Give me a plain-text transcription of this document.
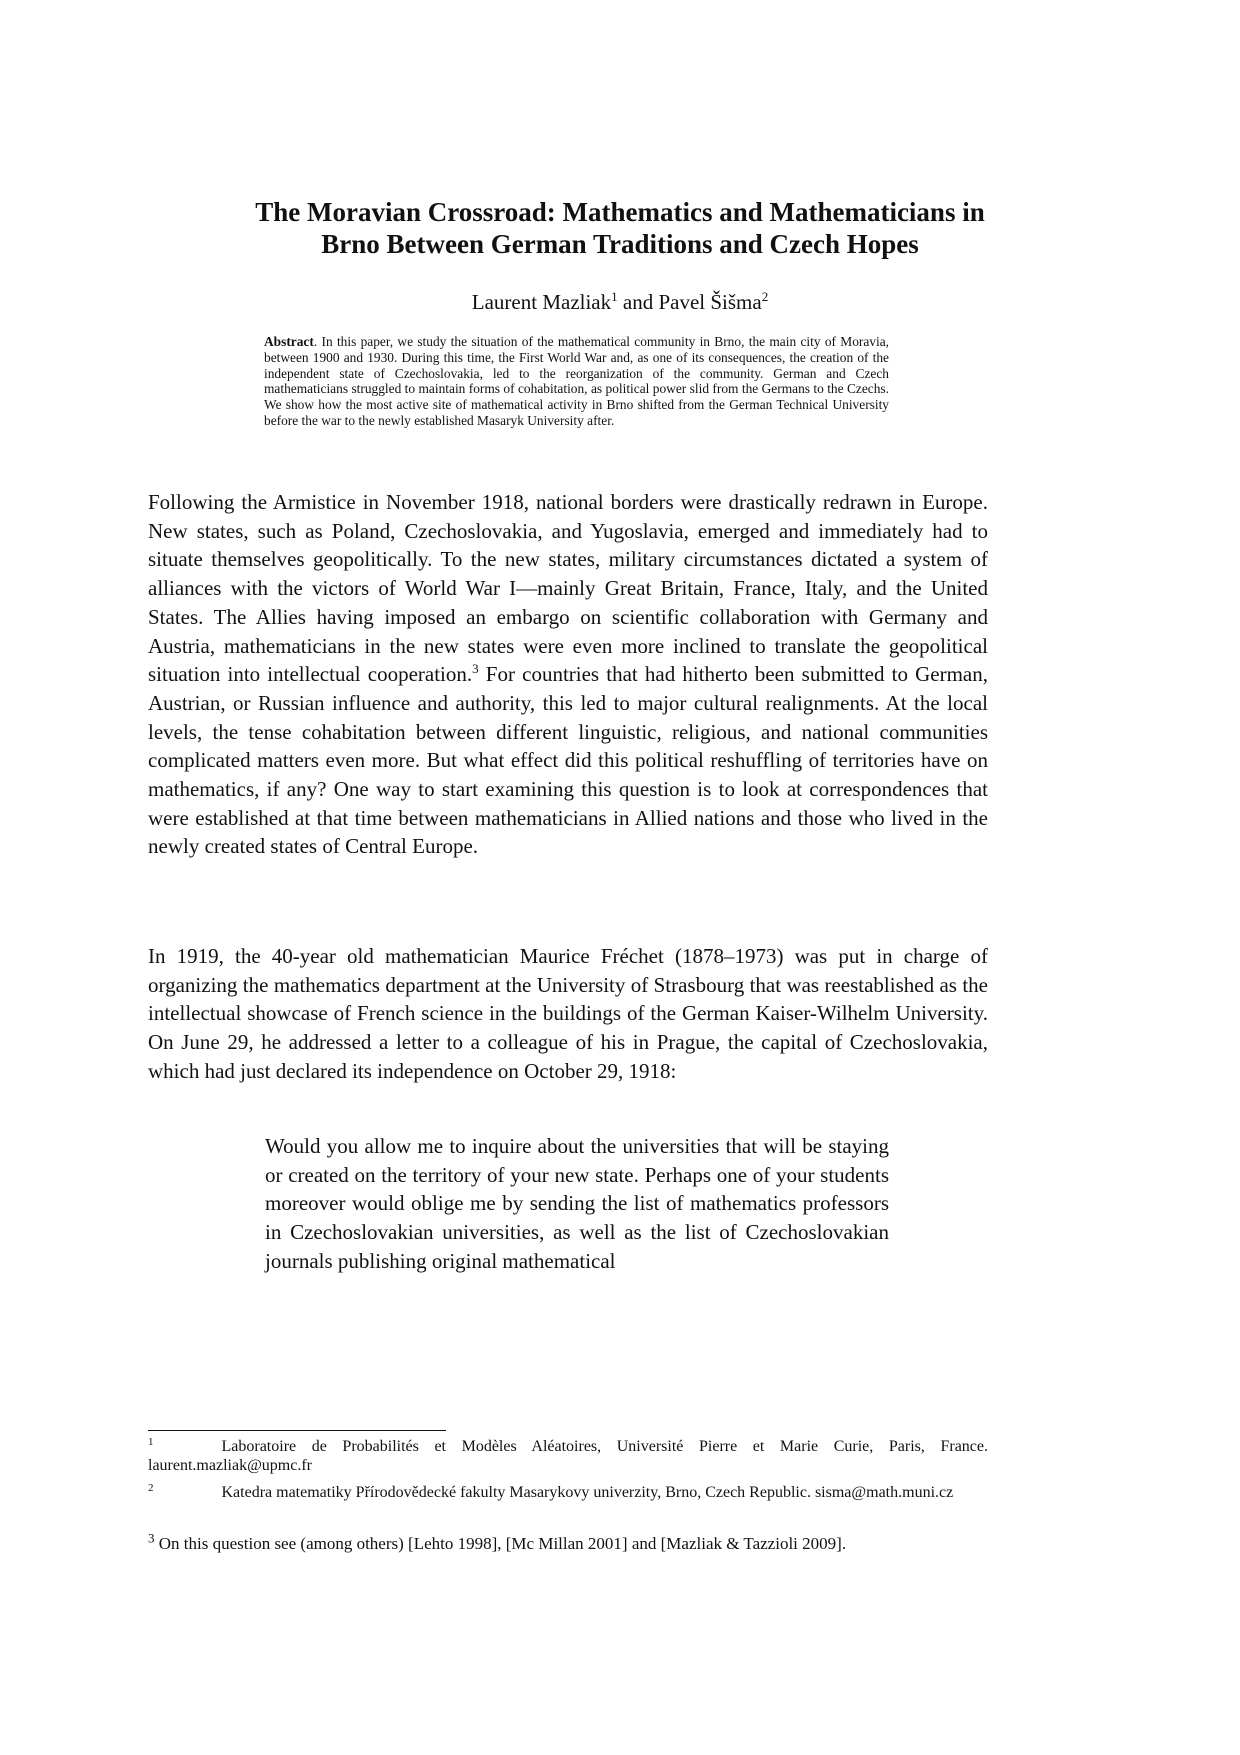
The Moravian Crossroad: Mathematics and Mathematicians in
Brno Between German Traditions and Czech Hopes
Laurent Mazliak$^1$ and Pavel Šišma$^2$

Abstract. In this paper, we study the situation of the mathematical community in Brno, the main city of Moravia, between 1900 and 1930. During this time, the First World War and, as one of its consequences, the creation of the independent state of Czechoslovakia, led to the reorganization of the community. German and Czech mathematicians struggled to maintain forms of cohabitation, as political power slid from the Germans to the Czechs. We show how the most active site of mathematical activity in Brno shifted from the German Technical University before the war to the newly established Masaryk University after.

Following the Armistice in November 1918, national borders were drastically redrawn in Europe. New states, such as Poland, Czechoslovakia, and Yugoslavia, emerged and immediately had to situate themselves geopolitically. To the new states, military circumstances dictated a system of alliances with the victors of World War I—mainly Great Britain, France, Italy, and the United States. The Allies having imposed an embargo on scientific collaboration with Germany and Austria, mathematicians in the new states were even more inclined to translate the geopolitical situation into intellectual cooperation.$^3$ For countries that had hitherto been submitted to German, Austrian, or Russian influence and authority, this led to major cultural realignments. At the local levels, the tense cohabitation between different linguistic, religious, and national communities complicated matters even more. But what effect did this political reshuffling of territories have on mathematics, if any? One way to start examining this question is to look at correspondences that were established at that time between mathematicians in Allied nations and those who lived in the newly created states of Central Europe.

In 1919, the 40-year old mathematician Maurice Fréchet (1878–1973) was put in charge of organizing the mathematics department at the University of Strasbourg that was reestablished as the intellectual showcase of French science in the buildings of the German Kaiser-Wilhelm University. On June 29, he addressed a letter to a colleague of his in Prague, the capital of Czechoslovakia, which had just declared its independence on October 29, 1918:

Would you allow me to inquire about the universities that will be staying or created on the territory of your new state. Perhaps one of your students moreover would oblige me by sending the list of mathematics professors in Czechoslovakian universities, as well as the list of Czechoslovakian journals publishing original mathematical

$^1$	Laboratoire de Probabilités et Modèles Aléatoires, Université Pierre et Marie Curie, Paris, France. laurent.mazliak@upmc.fr

$^2$	Katedra matematiky Přírodovědecké fakulty Masarykovy univerzity, Brno, Czech Republic. sisma@math.muni.cz

$^3$ On this question see (among others) [Lehto 1998], [Mc Millan 2001] and [Mazliak & Tazzioli 2009].
